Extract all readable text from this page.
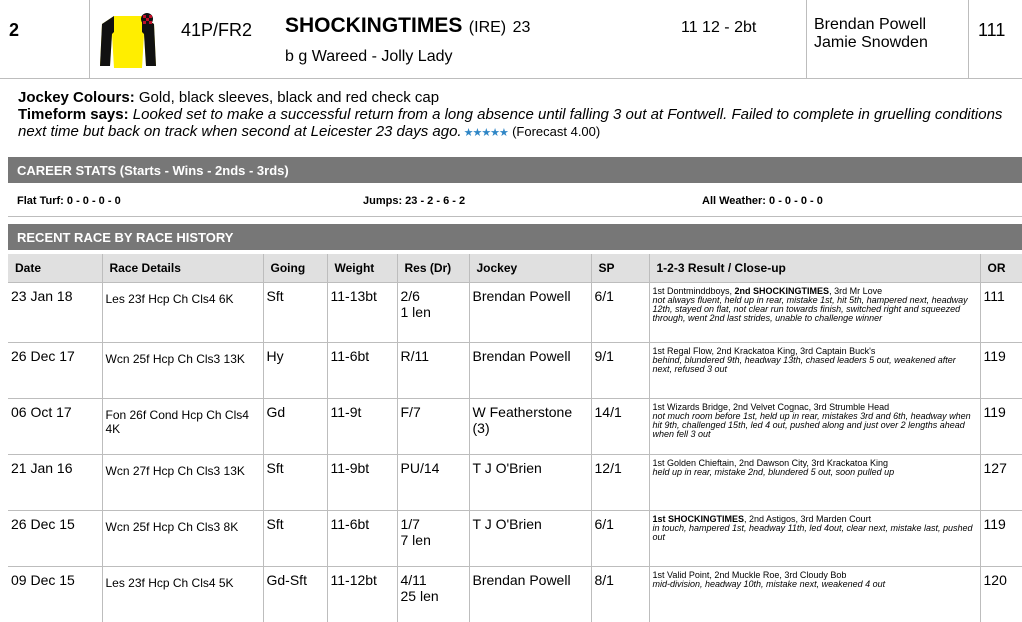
2	41P/FR2 SHOCKINGTIMES (IRE) 23
b g Wareed - Jolly Lady
11 12 - 2bt	Brendan Powell
Jamie Snowden
111
Jockey Colours: Gold, black sleeves, black and red check cap
Timeform says: Looked set to make a successful return from a long absence until falling 3 out at Fontwell. Failed to complete in gruelling conditions next time but back on track when second at Leicester 23 days ago. ★★★★★ (Forecast 4.00)
CAREER STATS (Starts - Wins - 2nds - 3rds)
Flat Turf: 0 - 0 - 0 - 0	Jumps: 23 - 2 - 6 - 2	All Weather: 0 - 0 - 0 - 0
RECENT RACE BY RACE HISTORY
Date	Race Details	Going	Weight	Res (Dr)	Jockey	SP	1-2-3 Result / Close-up	OR
23 Jan 18	Les 23f Hcp Ch Cls4 6K	Sft	11-13bt	2/6
1 len	Brendan Powell	6/1	1st Dontminddboys, 2nd SHOCKINGTIMES, 3rd Mr Love
not always fluent, held up in rear, mistake 1st, hit 5th, hampered next, headway 12th, stayed on flat, not clear run towards finish, switched right and squeezed through, went 2nd last strides, unable to challenge winner	111
26 Dec 17	Wcn 25f Hcp Ch Cls3 13K	Hy	11-6bt	R/11	Brendan Powell	9/1	1st Regal Flow, 2nd Krackatoa King, 3rd Captain Buck's
behind, blundered 9th, headway 13th, chased leaders 5 out, weakened after next, refused 3 out	119
06 Oct 17	Fon 26f Cond Hcp Ch Cls4 4K	Gd	11-9t	F/7	W Featherstone (3)	14/1	1st Wizards Bridge, 2nd Velvet Cognac, 3rd Strumble Head
not much room before 1st, held up in rear, mistakes 3rd and 6th, headway when hit 9th, challenged 15th, led 4 out, pushed along and just over 2 lengths ahead when fell 3 out	119
21 Jan 16	Wcn 27f Hcp Ch Cls3 13K	Sft	11-9bt	PU/14	T J O'Brien	12/1	1st Golden Chieftain, 2nd Dawson City, 3rd Krackatoa King
held up in rear, mistake 2nd, blundered 5 out, soon pulled up	127
26 Dec 15	Wcn 25f Hcp Ch Cls3 8K	Sft	11-6bt	1/7
7 len	T J O'Brien	6/1	1st SHOCKINGTIMES, 2nd Astigos, 3rd Marden Court
in touch, hampered 1st, headway 11th, led 4out, clear next, mistake last, pushed out	119
09 Dec 15	Les 23f Hcp Ch Cls4 5K	Gd-Sft	11-12bt	4/11
25 len	Brendan Powell	8/1	1st Valid Point, 2nd Muckle Roe, 3rd Cloudy Bob
mid-division, headway 10th, mistake next, weakened 4 out	120
